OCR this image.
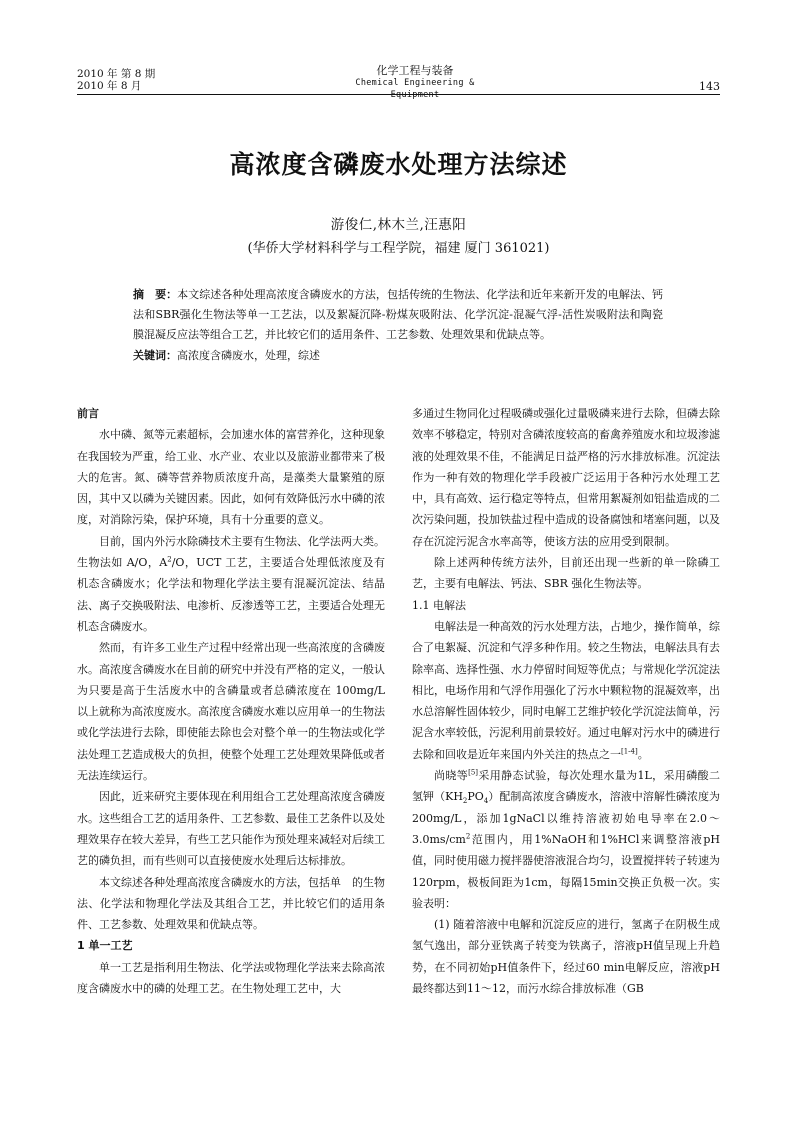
2010 年 第 8 期
2010 年 8 月
化学工程与装备
Chemical Engineering & Equipment
143
高浓度含磷废水处理方法综述
游俊仁,林木兰,汪惠阳
(华侨大学材料科学与工程学院，福建 厦门 361021)
摘　要：本文综述各种处理高浓度含磷废水的方法，包括传统的生物法、化学法和近年来新开发的电解法、钙法和SBR强化生物法等单一工艺法，以及絮凝沉降-粉煤灰吸附法、化学沉淀-混凝气浮-活性炭吸附法和陶瓷膜混凝反应法等组合工艺，并比较它们的适用条件、工艺参数、处理效果和优缺点等。
关键词：高浓度含磷废水，处理，综述

前言

水中磷、氮等元素超标，会加速水体的富营养化，这种现象在我国较为严重，给工业、水产业、农业以及旅游业都带来了极大的危害。氮、磷等营养物质浓度升高，是藻类大量繁殖的原因，其中又以磷为关键因素。因此，如何有效降低污水中磷的浓度，对消除污染，保护环境，具有十分重要的意义。

目前，国内外污水除磷技术主要有生物法、化学法两大类。生物法如 A/O，$A^2/O$，UCT 工艺，主要适合处理低浓度及有机态含磷废水；化学法和物理化学法主要有混凝沉淀法、结晶法、离子交换吸附法、电渗析、反渗透等工艺，主要适合处理无机态含磷废水。

然而，有许多工业生产过程中经常出现一些高浓度的含磷废水。高浓度含磷废水在目前的研究中并没有严格的定义，一般认为只要是高于生活废水中的含磷量或者总磷浓度在 100mg/L 以上就称为高浓度废水。高浓度含磷废水难以应用单一的生物法或化学法进行去除，即使能去除也会对整个单一的生物法或化学法处理工艺造成极大的负担，使整个处理工艺处理效果降低或者无法连续运行。

因此，近来研究主要体现在利用组合工艺处理高浓度含磷废水。这些组合工艺的适用条件、工艺参数、最佳工艺条件以及处理效果存在较大差异，有些工艺只能作为预处理来减轻对后续工艺的磷负担，而有些则可以直接使废水处理后达标排放。

本文综述各种处理高浓度含磷废水的方法，包括单　的生物法、化学法和物理化学法及其组合工艺，并比较它们的适用条件、工艺参数、处理效果和优缺点等。

1 单一工艺

单一工艺是指利用生物法、化学法或物理化学法来去除高浓度含磷废水中的磷的处理工艺。在生物处理工艺中，大

多通过生物同化过程吸磷或强化过量吸磷来进行去除，但磷去除效率不够稳定，特别对含磷浓度较高的畜禽养殖废水和垃圾渗滤液的处理效果不佳，不能满足日益严格的污水排放标准。沉淀法作为一种有效的物理化学手段被广泛运用于各种污水处理工艺中，具有高效、运行稳定等特点，但常用絮凝剂如铝盐造成的二次污染问题，投加铁盐过程中造成的设备腐蚀和堵塞问题，以及存在沉淀污泥含水率高等，使该方法的应用受到限制。

除上述两种传统方法外，目前还出现一些新的单一除磷工艺，主要有电解法、钙法、SBR 强化生物法等。

1.1 电解法

电解法是一种高效的污水处理方法，占地少，操作简单，综合了电絮凝、沉淀和气浮多种作用。较之生物法，电解法具有去除率高、选择性强、水力停留时间短等优点；与常规化学沉淀法相比，电场作用和气浮作用强化了污水中颗粒物的混凝效率，出水总溶解性固体较少，同时电解工艺维护较化学沉淀法简单，污泥含水率较低，污泥利用前景较好。通过电解对污水中的磷进行去除和回收是近年来国内外关注的热点之一[1-4]。

尚晓等[5]采用静态试验，每次处理水量为1L，采用磷酸二氢钾$(KH_2PO_4)$配制高浓度含磷废水，溶液中溶解性磷浓度为200mg/L，添加1gNaCl以维持溶液初始电导率在$2.0\sim 3.0ms/cm^2$范围内，用1%NaOH和1%HCl来调整溶液pH值，同时使用磁力搅拌器使溶液混合均匀，设置搅拌转子转速为120rpm，极板间距为1cm，每隔15min交换正负极一次。实验表明：

(1) 随着溶液中电解和沉淀反应的进行，氢离子在阴极生成氢气逸出，部分亚铁离子转变为铁离子，溶液pH值呈现上升趋势，在不同初始pH值条件下，经过60 min电解反应，溶液pH最终都达到11～12，而污水综合排放标准（GB
